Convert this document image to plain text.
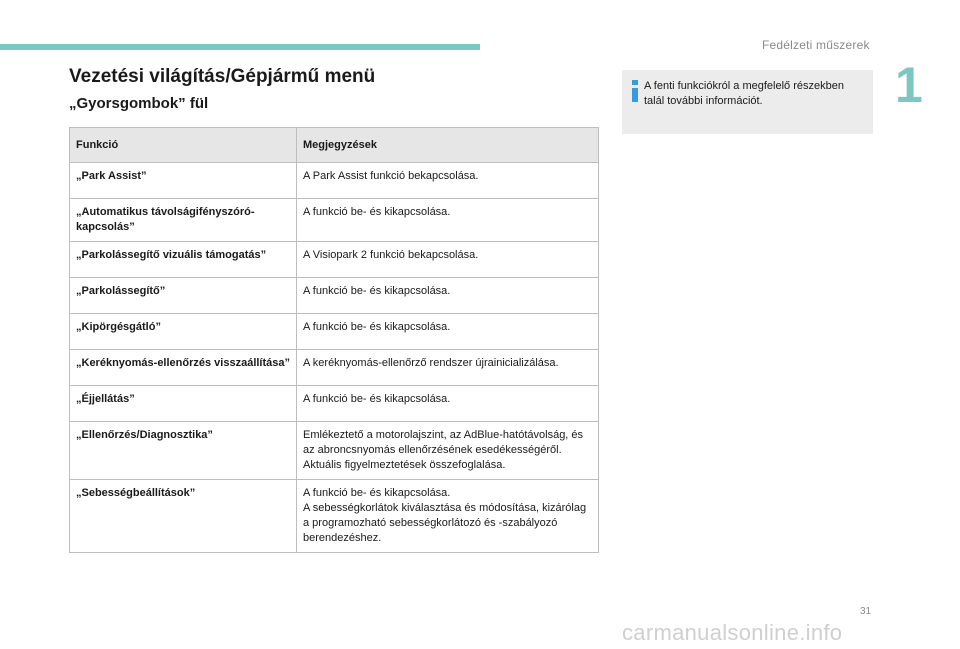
Fedélzeti műszerek
1
Vezetési világítás/Gépjármű menü
„Gyorsgombok” fül
Funkció	Megjegyzések
„Park Assist”	A Park Assist funkció bekapcsolása.
„Automatikus távolságifényszóró-kapcsolás”	A funkció be- és kikapcsolása.
„Parkolássegítő vizuális támogatás”	A Visiopark 2 funkció bekapcsolása.
„Parkolássegítő”	A funkció be- és kikapcsolása.
„Kipörgésgátló”	A funkció be- és kikapcsolása.
„Keréknyomás-ellenőrzés visszaállítása”	A keréknyomás-ellenőrző rendszer újrainicializálása.
„Éjjellátás”	A funkció be- és kikapcsolása.
„Ellenőrzés/Diagnosztika”	Emlékeztető a motorolajszint, az AdBlue-hatótávolság, és az abroncsnyomás ellenőrzésének esedékességéről.
Aktuális figyelmeztetések összefoglalása.
„Sebességbeállítások”	A funkció be- és kikapcsolása.
A sebességkorlátok kiválasztása és módosítása, kizárólag a programozható sebességkorlátozó és -szabályozó berendezéshez.
A fenti funkciókról a megfelelő részekben talál további információt.
31
carmanualsonline.info
